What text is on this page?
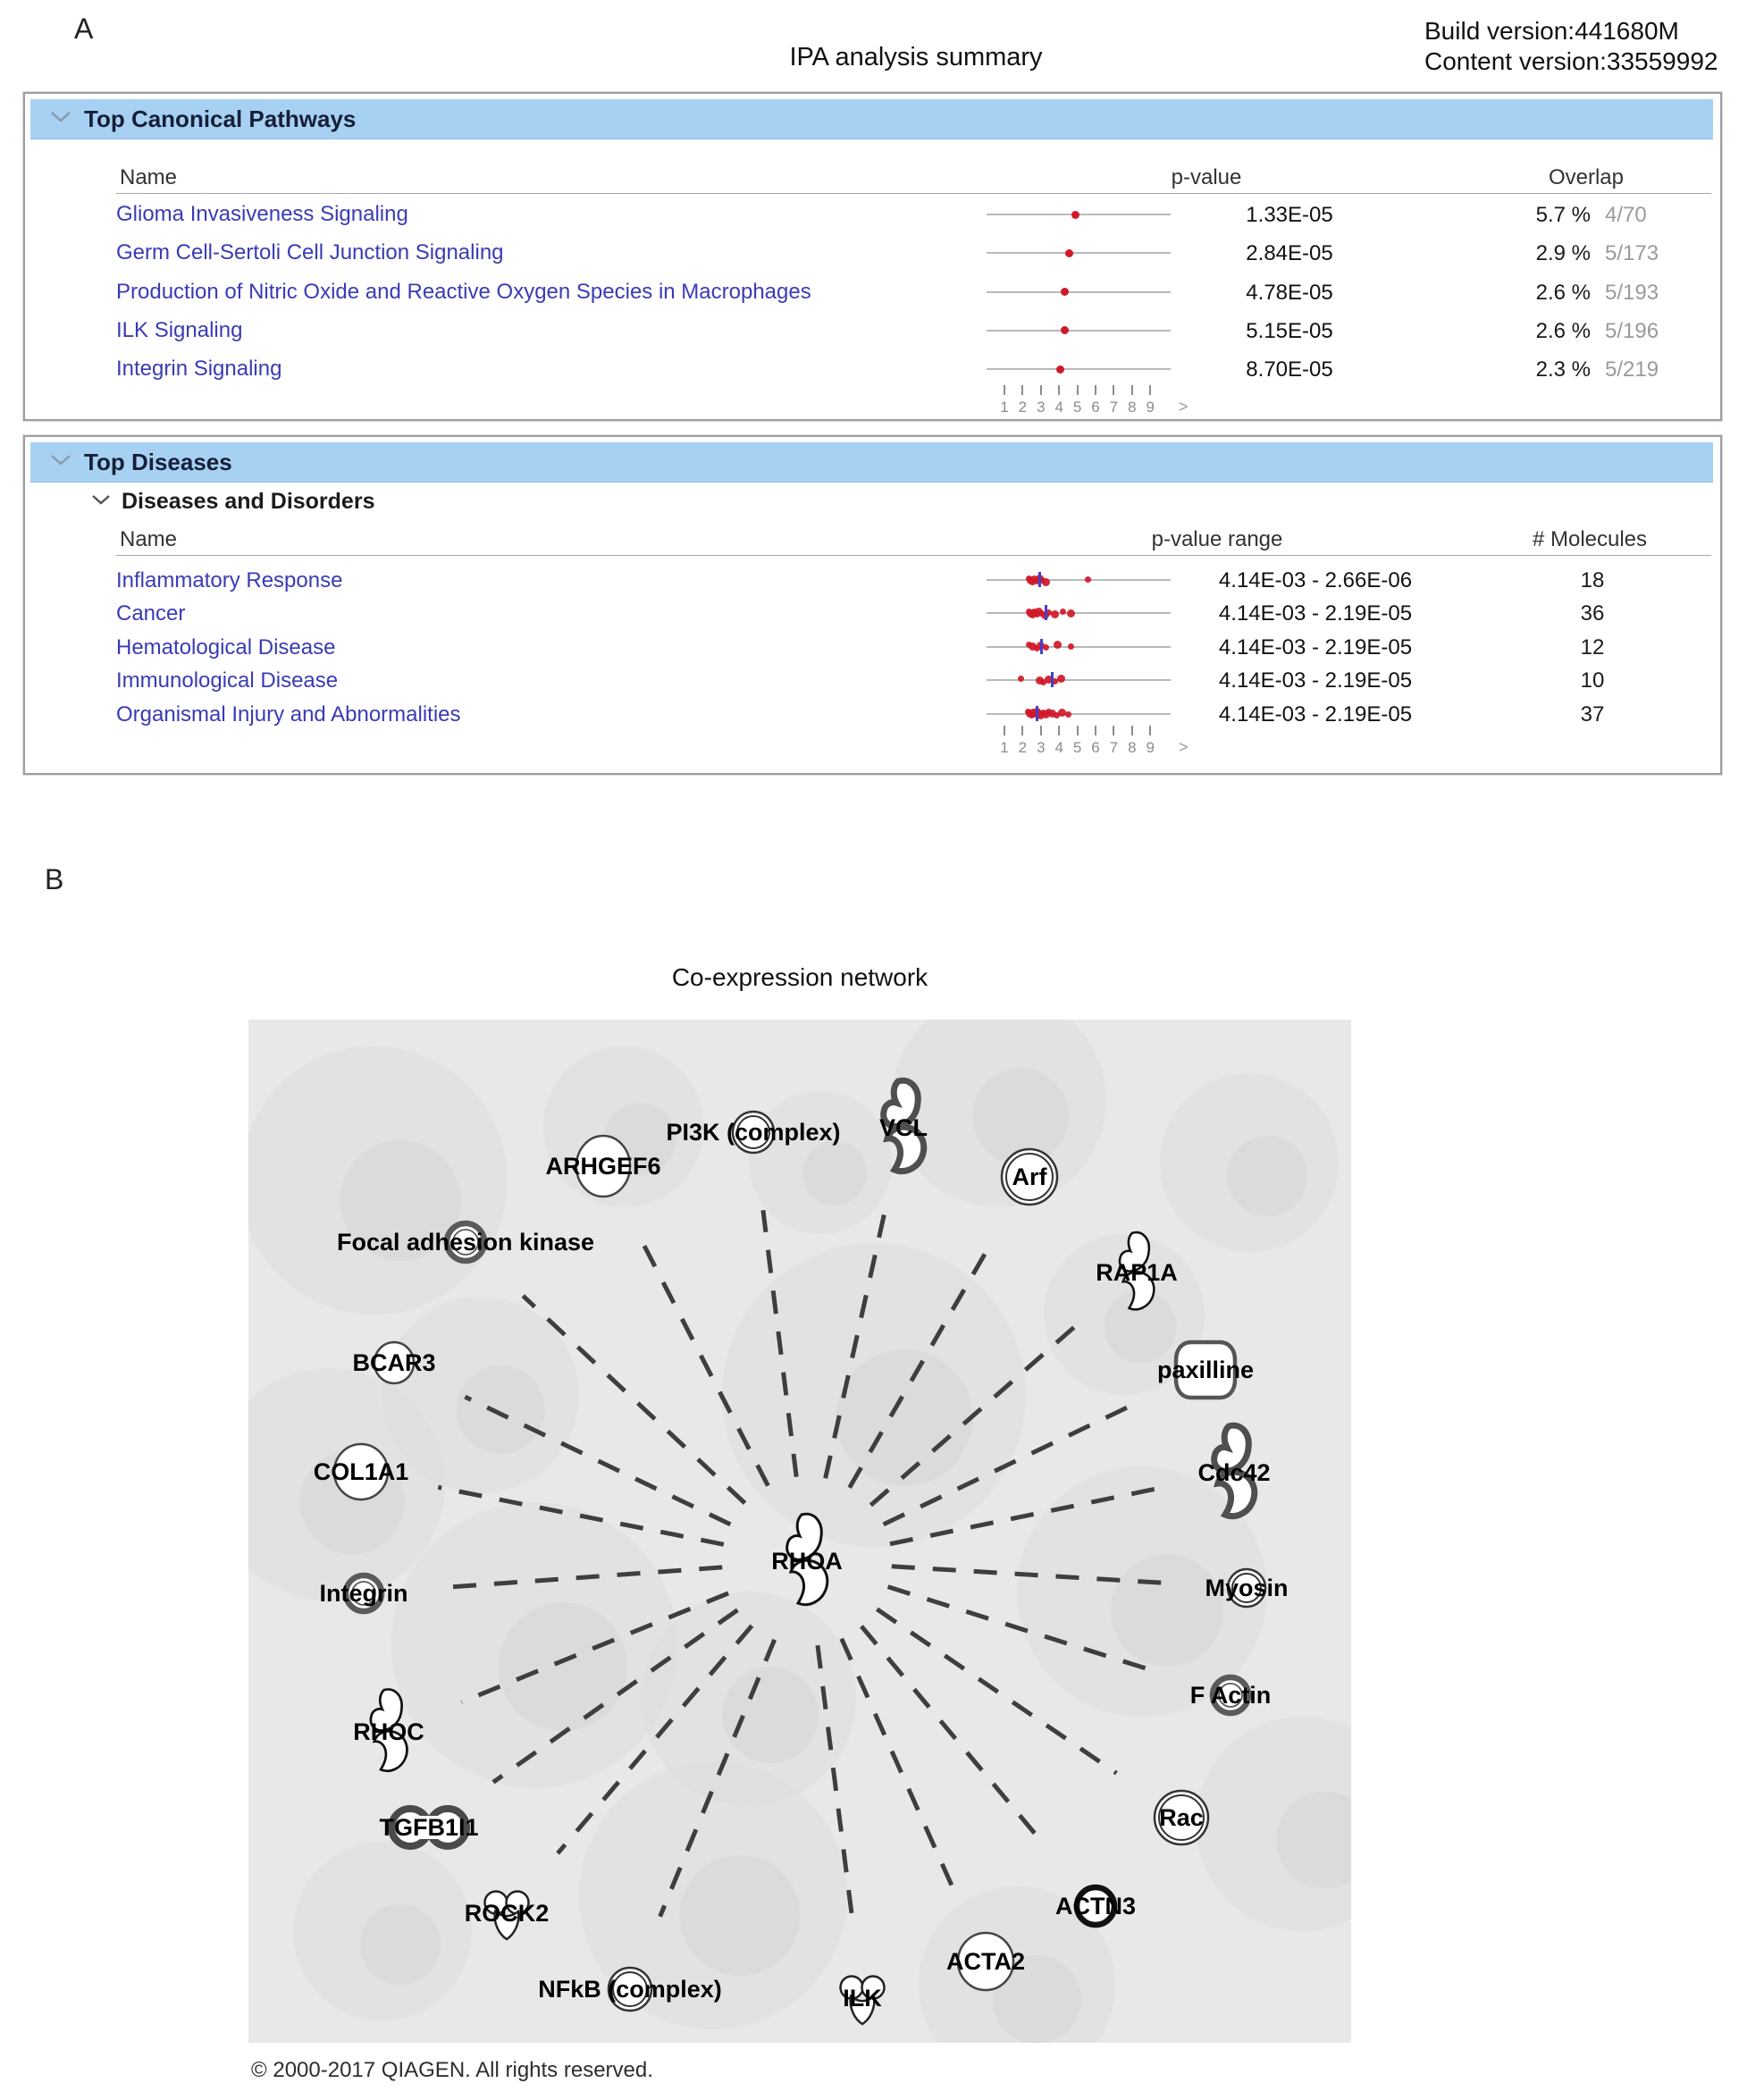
A
IPA analysis summary
Build version:441680M
Content version:33559992
Top Canonical Pathways
Name	p-value	Overlap
Glioma Invasiveness Signaling	1.33E-05	5.7 % 4/70
Germ Cell-Sertoli Cell Junction Signaling	2.84E-05	2.9 % 5/173
Production of Nitric Oxide and Reactive Oxygen Species in Macrophages	4.78E-05	2.6 % 5/193
ILK Signaling	5.15E-05	2.6 % 5/196
Integrin Signaling	8.70E-05	2.3 % 5/219
1 2 3 4 5 6 7 8 9 >
Top Diseases
Diseases and Disorders
Name	p-value range	# Molecules
Inflammatory Response	4.14E-03 - 2.66E-06	18
Cancer	4.14E-03 - 2.19E-05	36
Hematological Disease	4.14E-03 - 2.19E-05	12
Immunological Disease	4.14E-03 - 2.19E-05	10
Organismal Injury and Abnormalities	4.14E-03 - 2.19E-05	37
1 2 3 4 5 6 7 8 9 >
B
Co-expression network
PI3K (complex) VCL
Arf
ARHGEF6
Focal adhesion kinase
RAP1A
BCAR3	paxilline
COL1A1	Cdc42
Integrin	Myosin
RHOC
F Actin
TGFB1I1	Rac
ROCK2	ACTN3
ACTA2
NFkB (complex)	ILK
RHOA
© 2000-2017 QIAGEN. All rights reserved.
